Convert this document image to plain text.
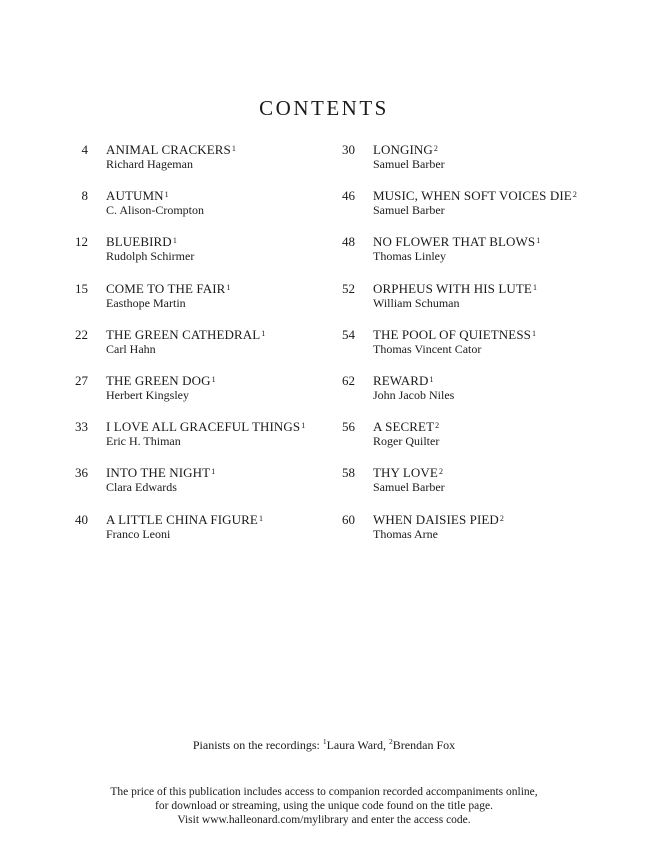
CONTENTS
4 ANIMAL CRACKERS$^1$
Richard Hageman
8 AUTUMN$^1$
C. Alison-Crompton
12 BLUEBIRD$^1$
Rudolph Schirmer
15 COME TO THE FAIR$^1$
Easthope Martin
22 THE GREEN CATHEDRAL$^1$
Carl Hahn
27 THE GREEN DOG$^1$
Herbert Kingsley
33 I LOVE ALL GRACEFUL THINGS$^1$
Eric H. Thiman
36 INTO THE NIGHT$^1$
Clara Edwards
40 A LITTLE CHINA FIGURE$^1$
Franco Leoni
30 LONGING$^2$
Samuel Barber
46 MUSIC, WHEN SOFT VOICES DIE$^2$
Samuel Barber
48 NO FLOWER THAT BLOWS$^1$
Thomas Linley
52 ORPHEUS WITH HIS LUTE$^1$
William Schuman
54 THE POOL OF QUIETNESS$^1$
Thomas Vincent Cator
62 REWARD$^1$
John Jacob Niles
56 A SECRET$^2$
Roger Quilter
58 THY LOVE$^2$
Samuel Barber
60 WHEN DAISIES PIED$^2$
Thomas Arne
Pianists on the recordings: $^1$Laura Ward, $^2$Brendan Fox
The price of this publication includes access to companion recorded accompaniments online,
for download or streaming, using the unique code found on the title page.
Visit www.halleonard.com/mylibrary and enter the access code.
